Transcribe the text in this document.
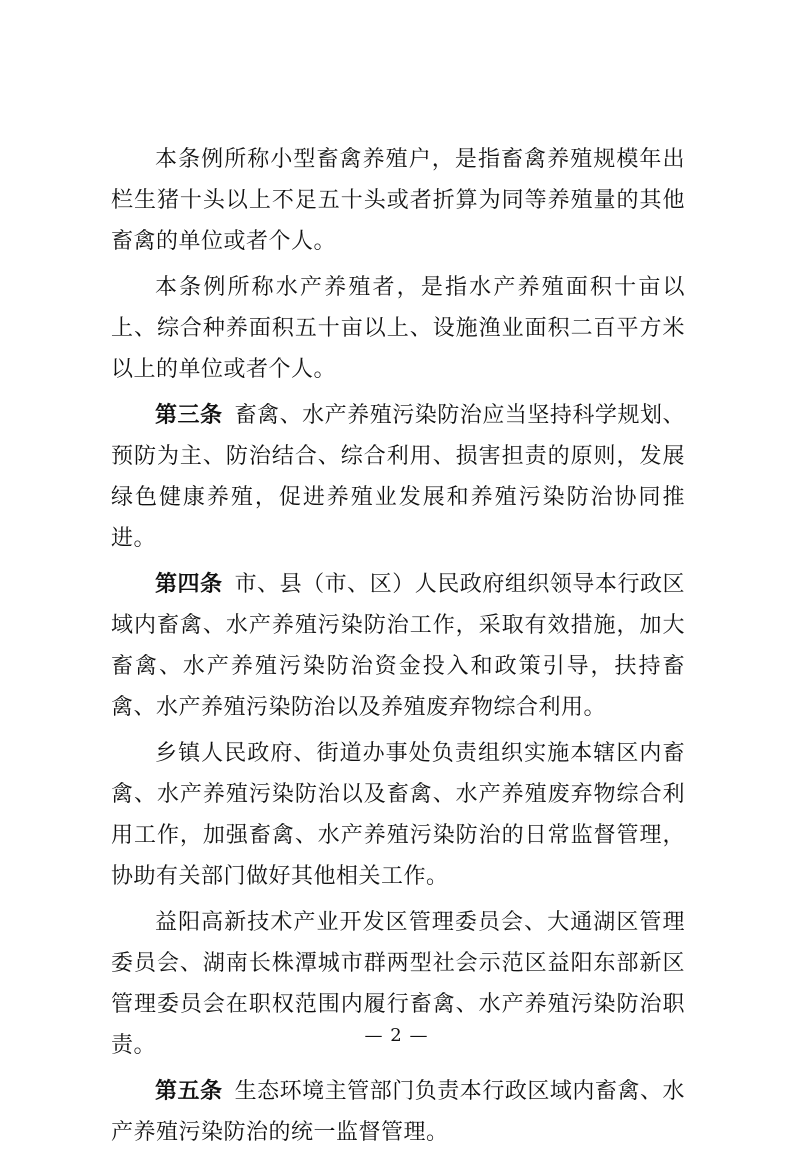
本条例所称小型畜禽养殖户，是指畜禽养殖规模年出栏生猪十头以上不足五十头或者折算为同等养殖量的其他畜禽的单位或者个人。

本条例所称水产养殖者，是指水产养殖面积十亩以上、综合种养面积五十亩以上、设施渔业面积二百平方米以上的单位或者个人。

第三条 畜禽、水产养殖污染防治应当坚持科学规划、预防为主、防治结合、综合利用、损害担责的原则，发展绿色健康养殖，促进养殖业发展和养殖污染防治协同推进。

第四条 市、县（市、区）人民政府组织领导本行政区域内畜禽、水产养殖污染防治工作，采取有效措施，加大畜禽、水产养殖污染防治资金投入和政策引导，扶持畜禽、水产养殖污染防治以及养殖废弃物综合利用。

乡镇人民政府、街道办事处负责组织实施本辖区内畜禽、水产养殖污染防治以及畜禽、水产养殖废弃物综合利用工作，加强畜禽、水产养殖污染防治的日常监督管理，协助有关部门做好其他相关工作。

益阳高新技术产业开发区管理委员会、大通湖区管理委员会、湖南长株潭城市群两型社会示范区益阳东部新区管理委员会在职权范围内履行畜禽、水产养殖污染防治职责。

第五条 生态环境主管部门负责本行政区域内畜禽、水产养殖污染防治的统一监督管理。

— 2 —
